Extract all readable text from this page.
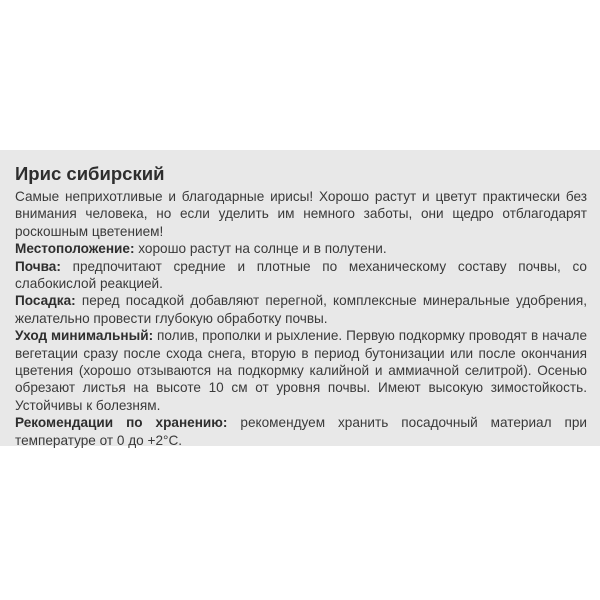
Ирис сибирский

Самые неприхотливые и благодарные ирисы! Хорошо растут и цветут практически без внимания человека, но если уделить им немного заботы, они щедро отблагодарят роскошным цветением!

Местоположение: хорошо растут на солнце и в полутени.

Почва: предпочитают средние и плотные по механическому составу почвы, со слабокислой реакцией.

Посадка: перед посадкой добавляют перегной, комплексные минеральные удобрения, желательно провести глубокую обработку почвы.

Уход минимальный: полив, прополки и рыхление. Первую подкормку проводят в начале вегетации сразу после схода снега, вторую в период бутонизации или после окончания цветения (хорошо отзываются на подкормку калийной и аммиачной селитрой). Осенью обрезают листья на высоте 10 см от уровня почвы. Имеют высокую зимостойкость. Устойчивы к болезням.

Рекомендации по хранению: рекомендуем хранить посадочный материал при температуре от 0 до +2°C.
